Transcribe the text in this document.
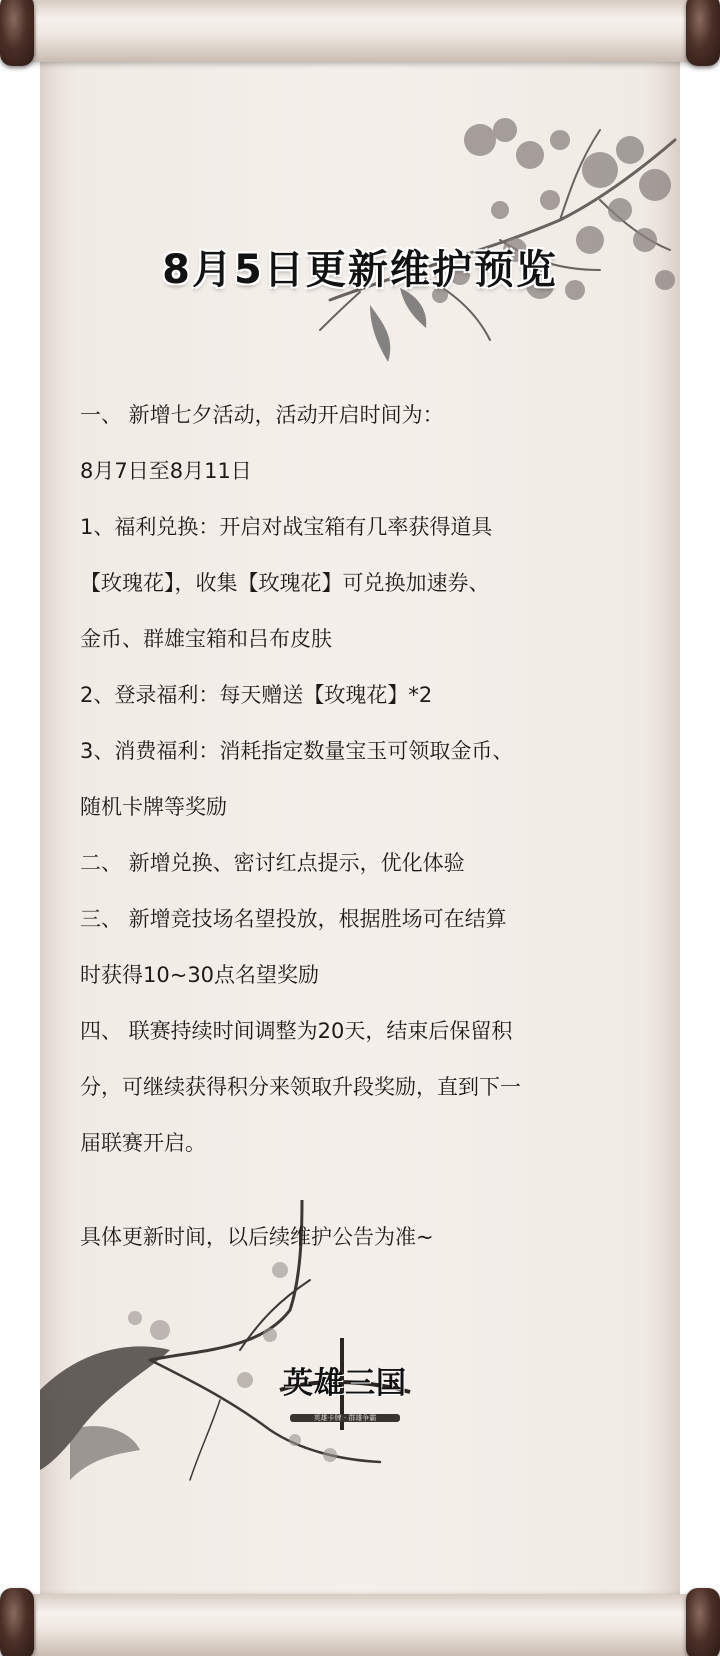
英雄三国
英雄卡牌 · 群雄争霸
8月5日更新维护预览
一、 新增七夕活动，活动开启时间为：
8月7日至8月11日
1、福利兑换：开启对战宝箱有几率获得道具
【玫瑰花】，收集【玫瑰花】可兑换加速券、
金币、群雄宝箱和吕布皮肤
2、登录福利：每天赠送【玫瑰花】*2
3、消费福利：消耗指定数量宝玉可领取金币、
随机卡牌等奖励
二、 新增兑换、密讨红点提示，优化体验
三、 新增竞技场名望投放，根据胜场可在结算
时获得10~30点名望奖励
四、 联赛持续时间调整为20天，结束后保留积
分，可继续获得积分来领取升段奖励，直到下一
届联赛开启。
具体更新时间，以后续维护公告为准~
